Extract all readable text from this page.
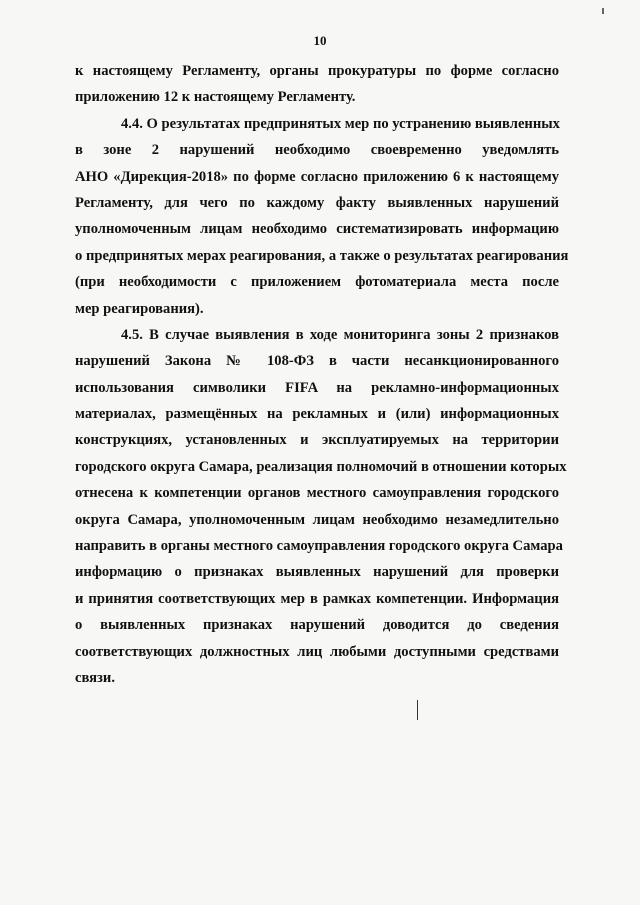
10
к настоящему Регламенту, органы прокуратуры по форме согласно
приложению 12 к настоящему Регламенту.
4.4. О результатах предпринятых мер по устранению выявленных
в зоне 2 нарушений необходимо своевременно уведомлять
АНО «Дирекция-2018» по форме согласно приложению 6 к настоящему
Регламенту, для чего по каждому факту выявленных нарушений
уполномоченным лицам необходимо систематизировать информацию
о предпринятых мерах реагирования, а также о результатах реагирования
(при необходимости с приложением фотоматериала места после
мер реагирования).
4.5. В случае выявления в ходе мониторинга зоны 2 признаков
нарушений Закона № 108-ФЗ в части несанкционированного
использования символики FIFA на рекламно-информационных
материалах, размещённых на рекламных и (или) информационных
конструкциях, установленных и эксплуатируемых на территории
городского округа Самара, реализация полномочий в отношении которых
отнесена к компетенции органов местного самоуправления городского
округа Самара, уполномоченным лицам необходимо незамедлительно
направить в органы местного самоуправления городского округа Самара
информацию о признаках выявленных нарушений для проверки
и принятия соответствующих мер в рамках компетенции. Информация
о выявленных признаках нарушений доводится до сведения
соответствующих должностных лиц любыми доступными средствами
связи.
